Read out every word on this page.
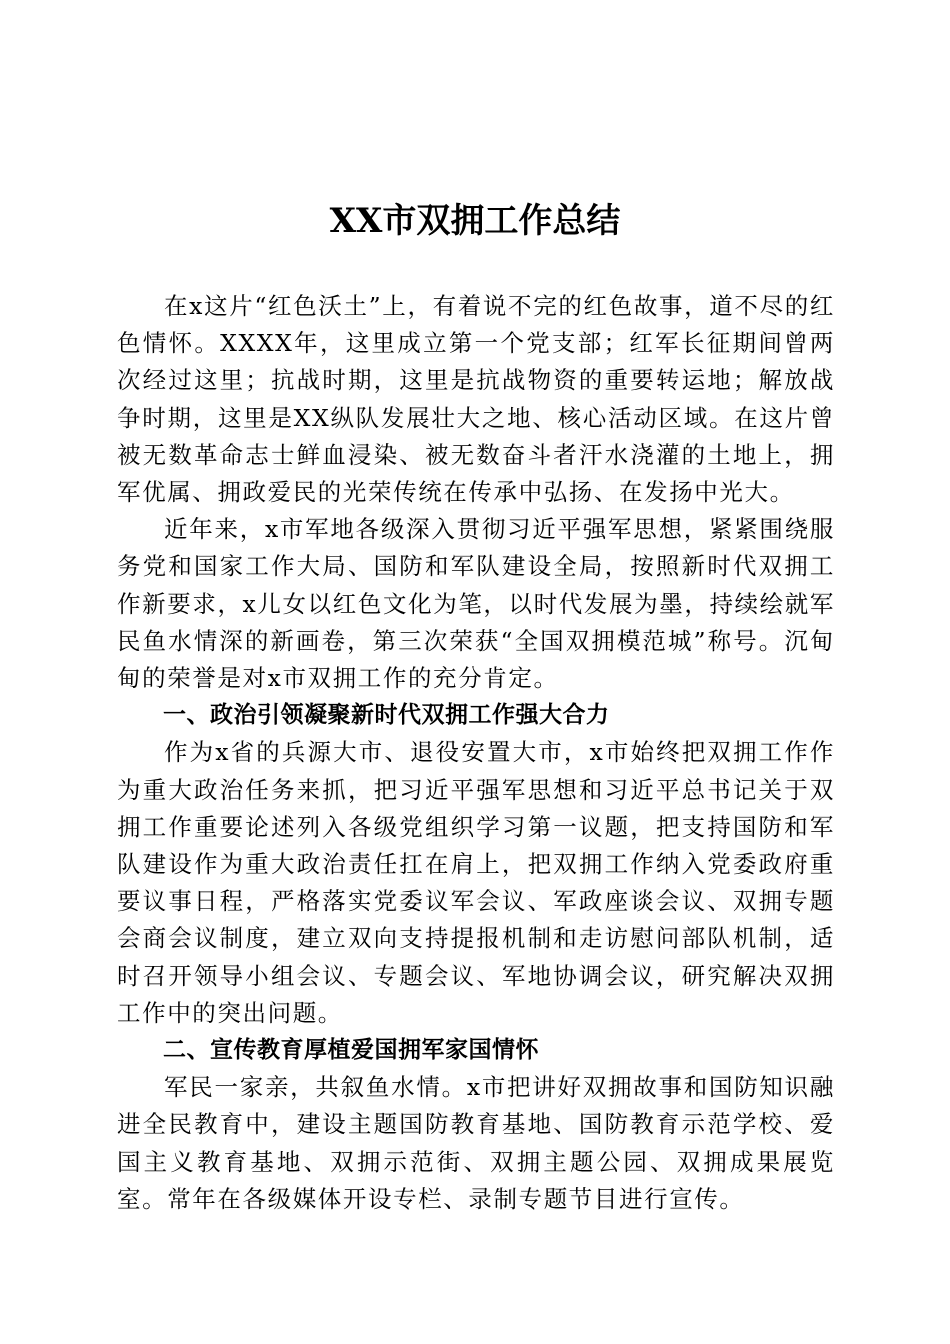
XX市双拥工作总结

在x这片“红色沃土”上，有着说不完的红色故事，道不尽的红色情怀。XXXX年，这里成立第一个党支部；红军长征期间曾两次经过这里；抗战时期，这里是抗战物资的重要转运地；解放战争时期，这里是XX纵队发展壮大之地、核心活动区域。在这片曾被无数革命志士鲜血浸染、被无数奋斗者汗水浇灌的土地上，拥军优属、拥政爱民的光荣传统在传承中弘扬、在发扬中光大。

近年来，x市军地各级深入贯彻习近平强军思想，紧紧围绕服务党和国家工作大局、国防和军队建设全局，按照新时代双拥工作新要求，x儿女以红色文化为笔，以时代发展为墨，持续绘就军民鱼水情深的新画卷，第三次荣获“全国双拥模范城”称号。沉甸甸的荣誉是对x市双拥工作的充分肯定。

一、政治引领凝聚新时代双拥工作强大合力

作为x省的兵源大市、退役安置大市，x市始终把双拥工作作为重大政治任务来抓，把习近平强军思想和习近平总书记关于双拥工作重要论述列入各级党组织学习第一议题，把支持国防和军队建设作为重大政治责任扛在肩上，把双拥工作纳入党委政府重要议事日程，严格落实党委议军会议、军政座谈会议、双拥专题会商会议制度，建立双向支持提报机制和走访慰问部队机制，适时召开领导小组会议、专题会议、军地协调会议，研究解决双拥工作中的突出问题。

二、宣传教育厚植爱国拥军家国情怀

军民一家亲，共叙鱼水情。x市把讲好双拥故事和国防知识融进全民教育中，建设主题国防教育基地、国防教育示范学校、爱国主义教育基地、双拥示范街、双拥主题公园、双拥成果展览室。常年在各级媒体开设专栏、录制专题节目进行宣传。
